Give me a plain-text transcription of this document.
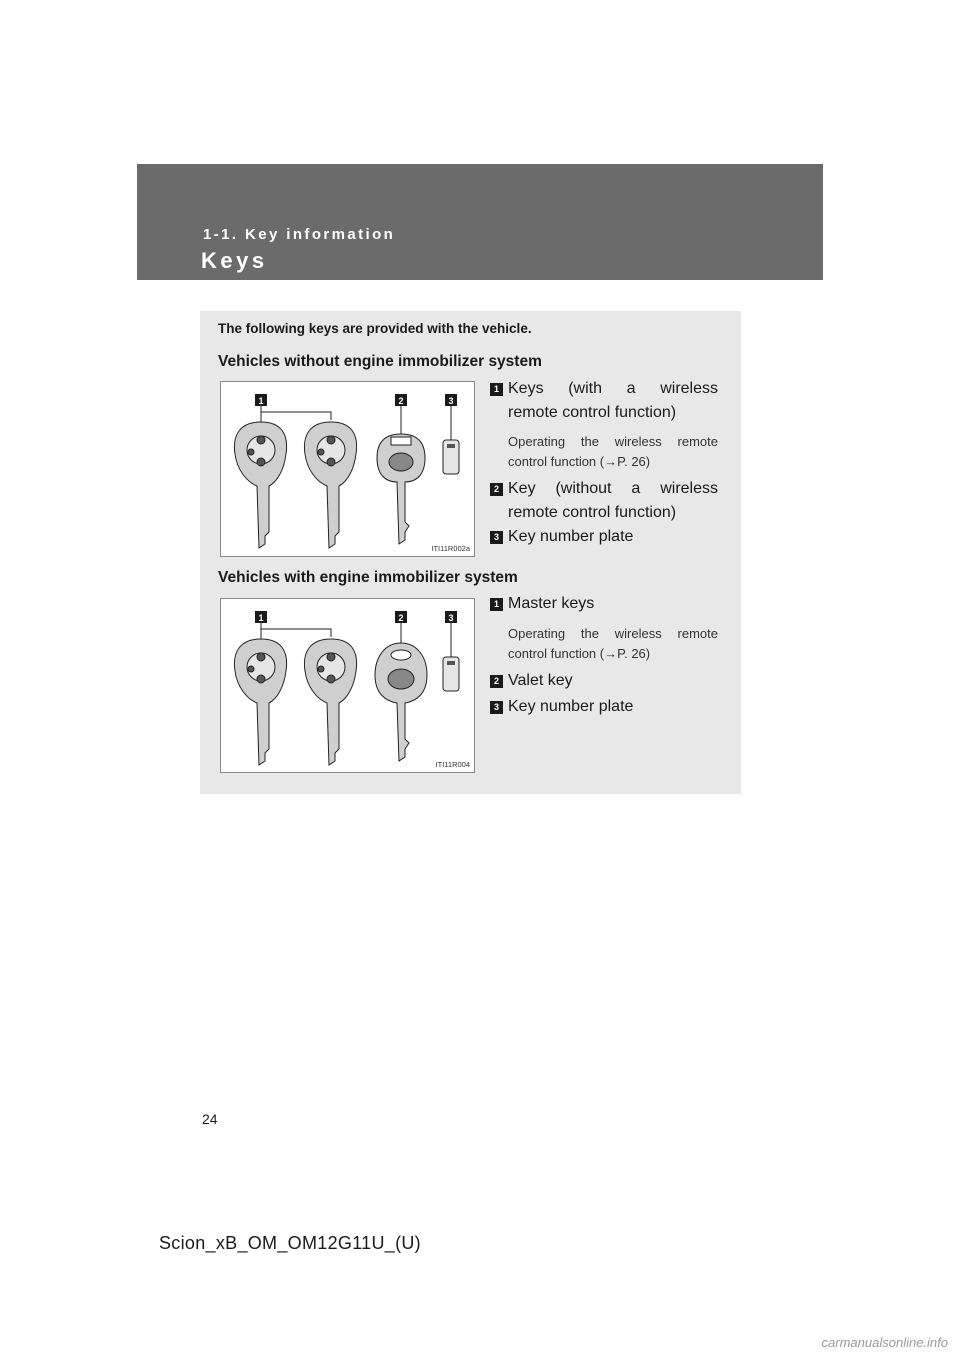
1-1. Key information
Keys
The following keys are provided with the vehicle.
Vehicles without engine immobilizer system
1	2	3
ITI11R002a
1 Keys (with a wireless
remote control function)
Operating the wireless remote
control function (→P. 26)
2 Key (without a wireless
remote control function)
3 Key number plate
Vehicles with engine immobilizer system
1	2	3
ITI11R004
1 Master keys
Operating the wireless remote
control function (→P. 26)
2 Valet key
3 Key number plate
24
Scion_xB_OM_OM12G11U_(U)
carmanualsonline.info
